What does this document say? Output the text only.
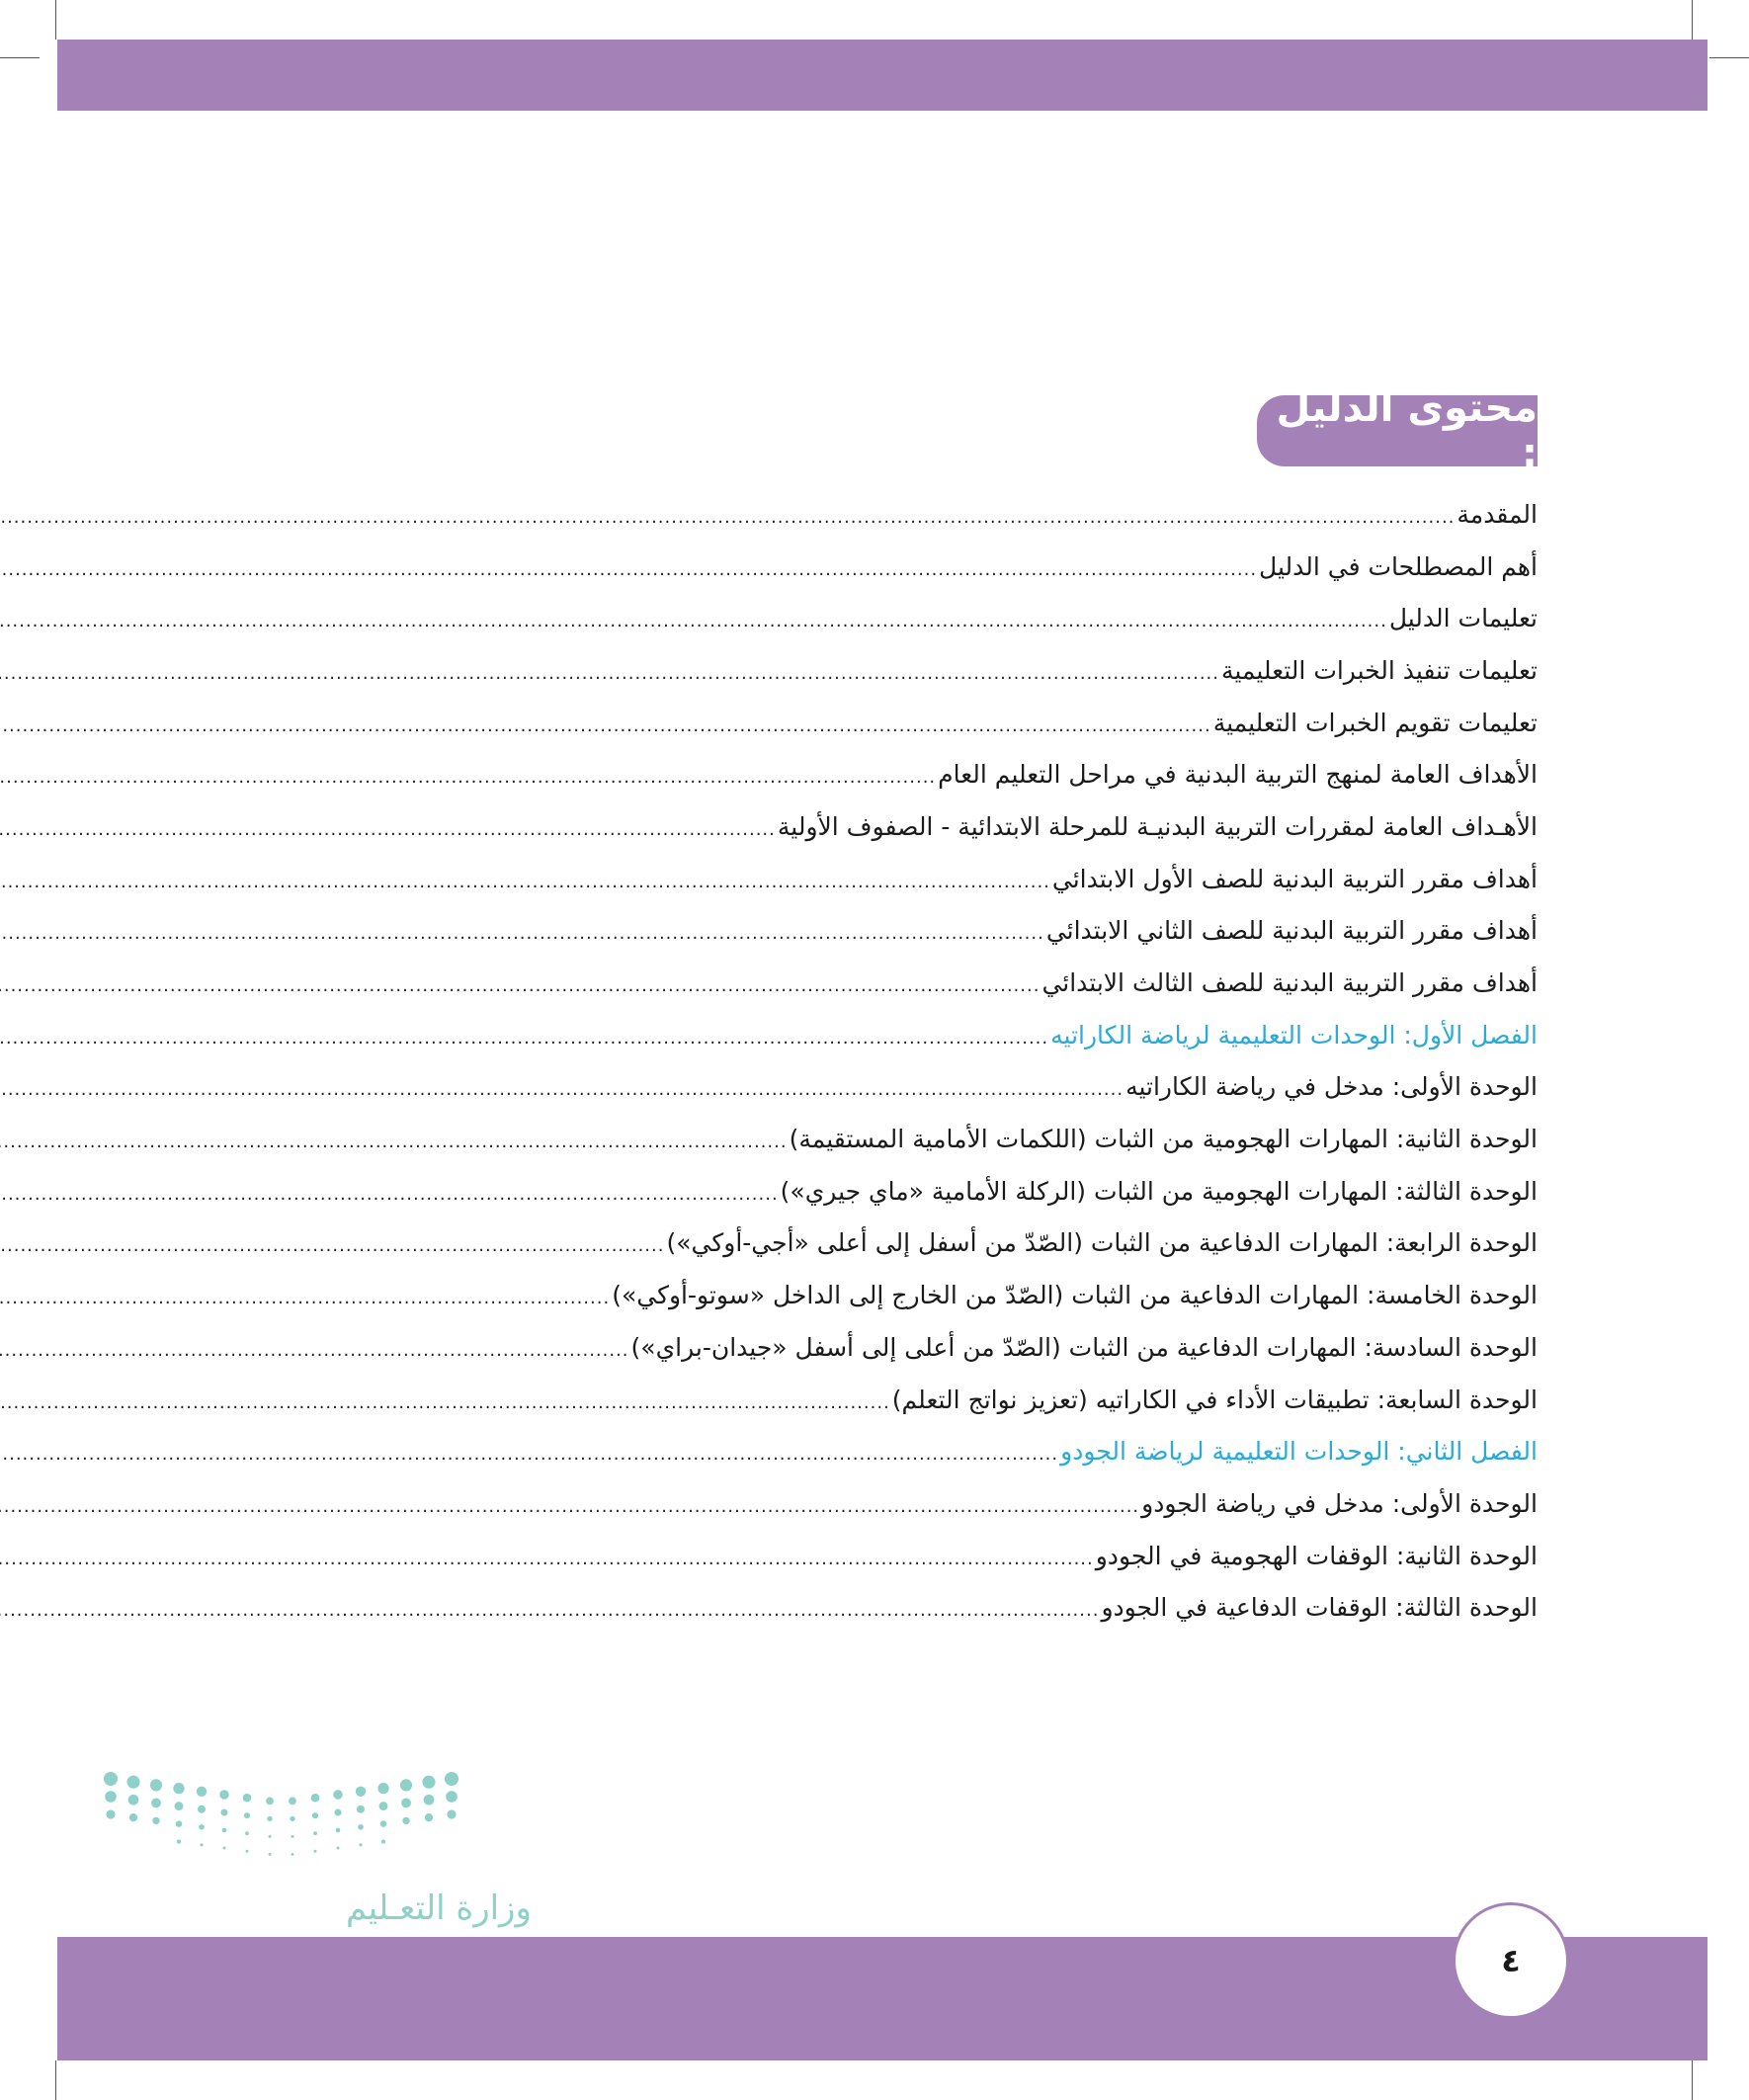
محتوى الدليل :
المقدمة
.....
أهم المصطلحات في الدليل
.....
تعليمات الدليل
.....
تعليمات تنفيذ الخبرات التعليمية
.....
تعليمات تقويم الخبرات التعليمية
.....
الأهداف العامة لمنهج التربية البدنية في مراحل التعليم العام
.....
الأهـداف العامة لمقررات التربية البدنيـة للمرحلة الابتدائية - الصفوف الأولية
.....
أهداف مقرر التربية البدنية للصف الأول الابتدائي
.....
أهداف مقرر التربية البدنية للصف الثاني الابتدائي
.....
أهداف مقرر التربية البدنية للصف الثالث الابتدائي
.....
الفصل الأول: الوحدات التعليمية لرياضة الكاراتيه
.....
الوحدة الأولى: مدخل في رياضة الكاراتيه
.....
الوحدة الثانية: المهارات الهجومية من الثبات (اللكمات الأمامية المستقيمة)
.....
الوحدة الثالثة: المهارات الهجومية من الثبات (الركلة الأمامية «ماي جيري»)
.....
الوحدة الرابعة: المهارات الدفاعية من الثبات (الصّدّ من أسفل إلى أعلى «أجي-أوكي»)
.....
الوحدة الخامسة: المهارات الدفاعية من الثبات (الصّدّ من الخارج إلى الداخل «سوتو-أوكي»)
.....
الوحدة السادسة: المهارات الدفاعية من الثبات (الصّدّ من أعلى إلى أسفل «جيدان-براي»)
.....
الوحدة السابعة: تطبيقات الأداء في الكاراتيه (تعزيز نواتج التعلم)
.....
الفصل الثاني: الوحدات التعليمية لرياضة الجودو
.....
الوحدة الأولى: مدخل في رياضة الجودو
.....
الوحدة الثانية: الوقفات الهجومية في الجودو
.....
الوحدة الثالثة: الوقفات الدفاعية في الجودو
.....
وزارة التعـليم
٤
